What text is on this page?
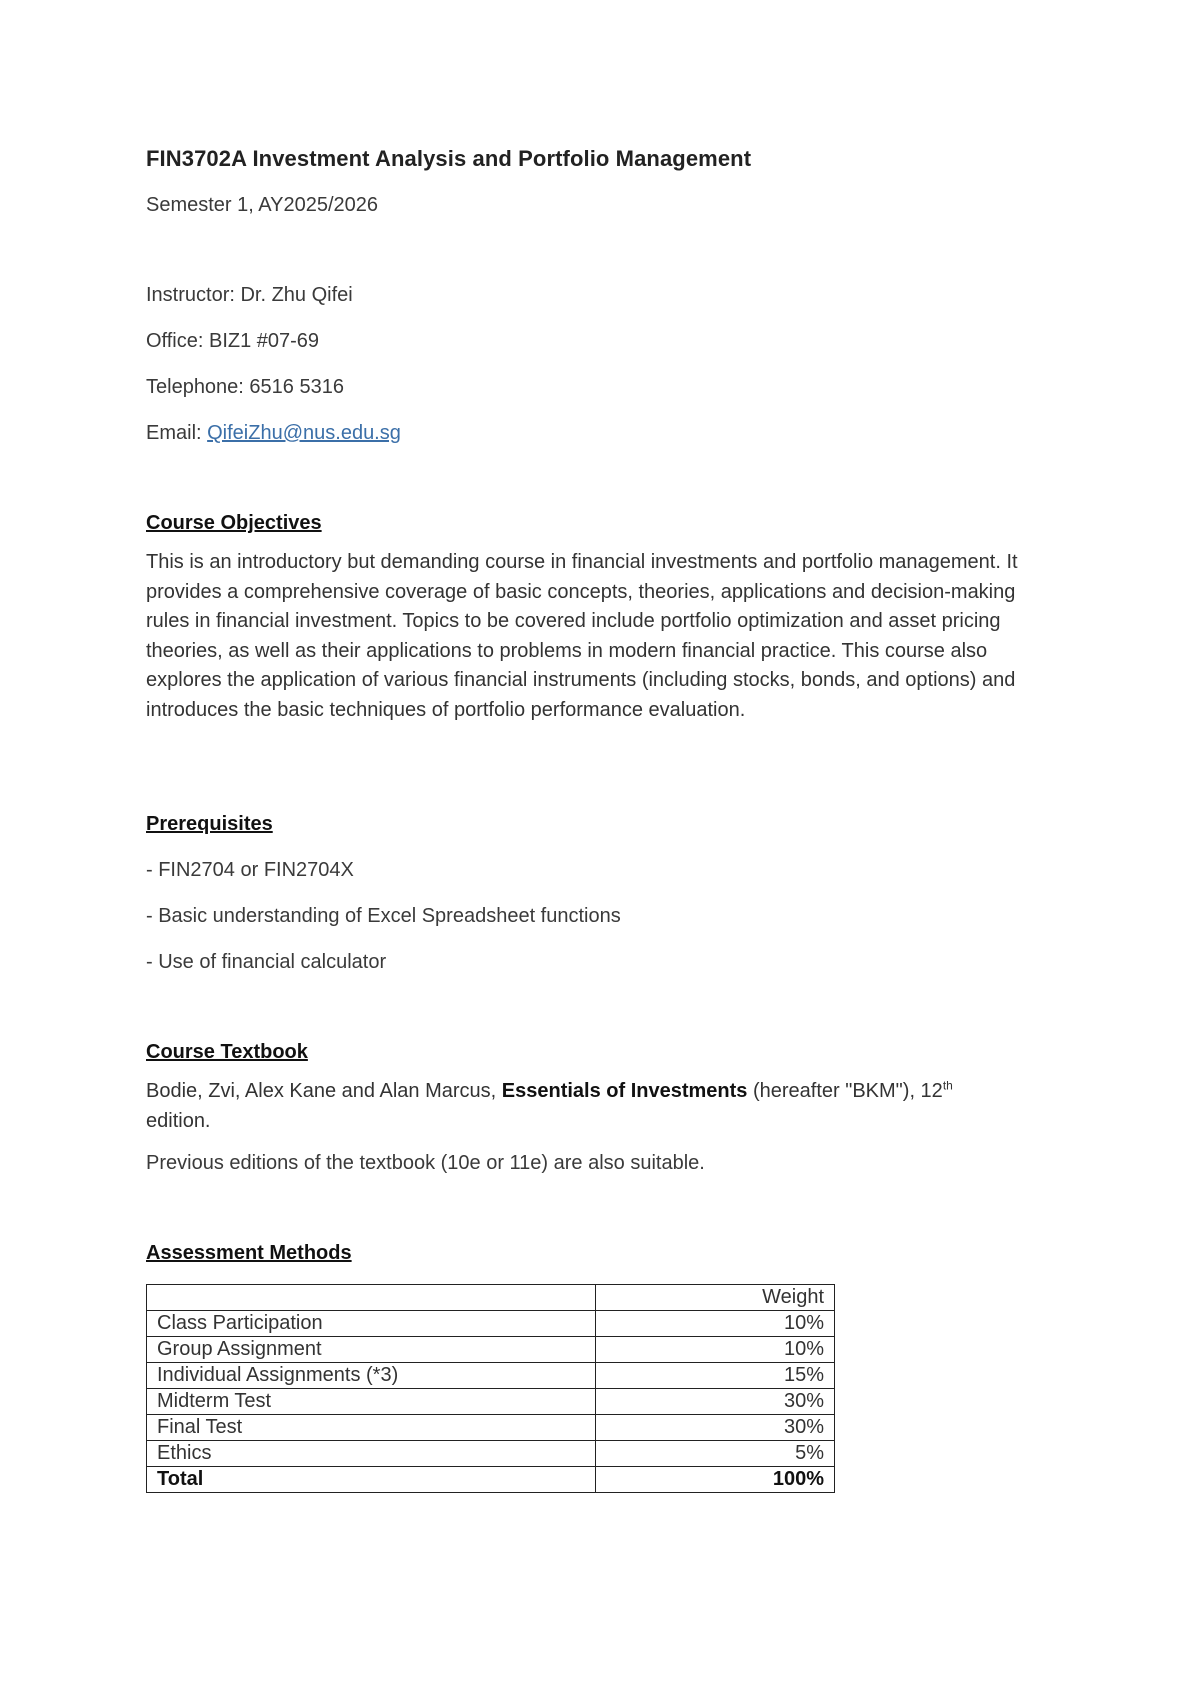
FIN3702A Investment Analysis and Portfolio Management

Semester 1, AY2025/2026

Instructor: Dr. Zhu Qifei

Office: BIZ1 #07-69

Telephone: 6516 5316

Email: QifeiZhu@nus.edu.sg

Course Objectives

This is an introductory but demanding course in financial investments and portfolio management. It provides a comprehensive coverage of basic concepts, theories, applications and decision-making rules in financial investment. Topics to be covered include portfolio optimization and asset pricing theories, as well as their applications to problems in modern financial practice. This course also explores the application of various financial instruments (including stocks, bonds, and options) and introduces the basic techniques of portfolio performance evaluation.

Prerequisites

- FIN2704 or FIN2704X

- Basic understanding of Excel Spreadsheet functions

- Use of financial calculator

Course Textbook

Bodie, Zvi, Alex Kane and Alan Marcus, Essentials of Investments (hereafter "BKM"), 12th
edition.

Previous editions of the textbook (10e or 11e) are also suitable.

Assessment Methods

	Weight
Class Participation	10%
Group Assignment	10%
Individual Assignments (*3)	15%
Midterm Test	30%
Final Test	30%
Ethics	5%
Total	100%
